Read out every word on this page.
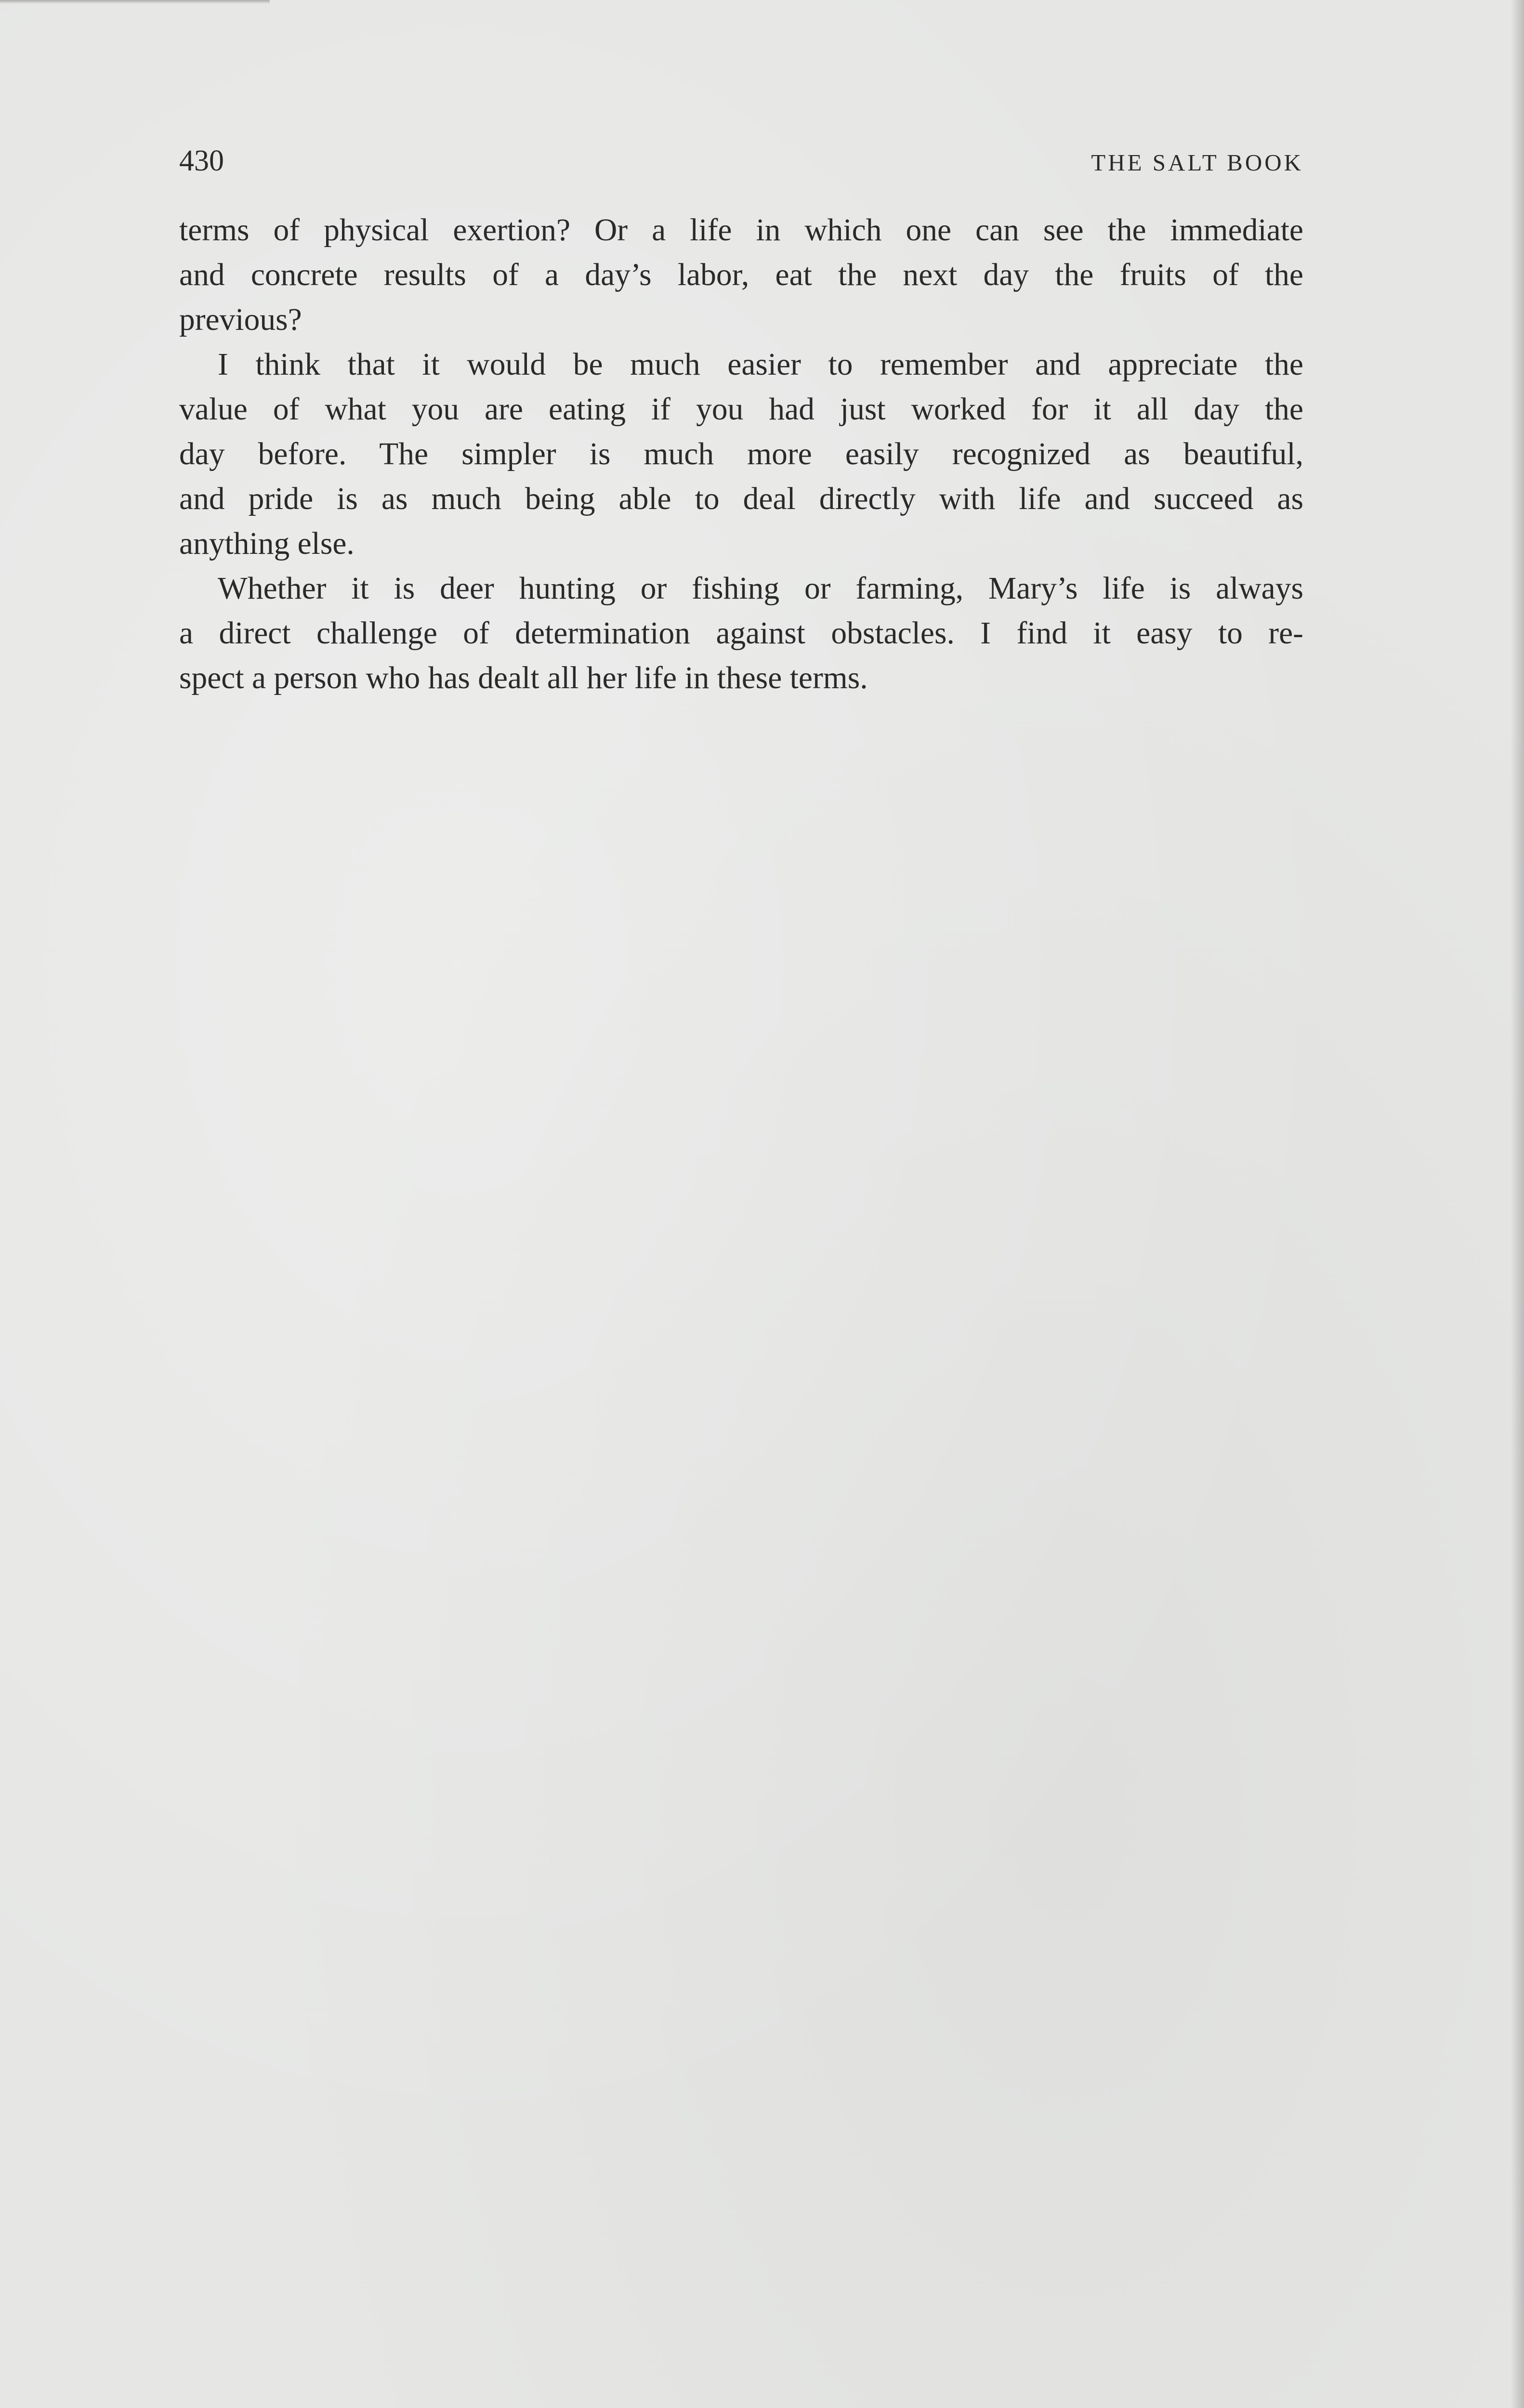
430	THE SALT BOOK

terms of physical exertion? Or a life in which one can see the immediate
and concrete results of a day’s labor, eat the next day the fruits of the
previous?

I think that it would be much easier to remember and appreciate the
value of what you are eating if you had just worked for it all day the
day before. The simpler is much more easily recognized as beautiful,
and pride is as much being able to deal directly with life and succeed as
anything else.

Whether it is deer hunting or fishing or farming, Mary’s life is always
a direct challenge of determination against obstacles. I find it easy to re-
spect a person who has dealt all her life in these terms.
